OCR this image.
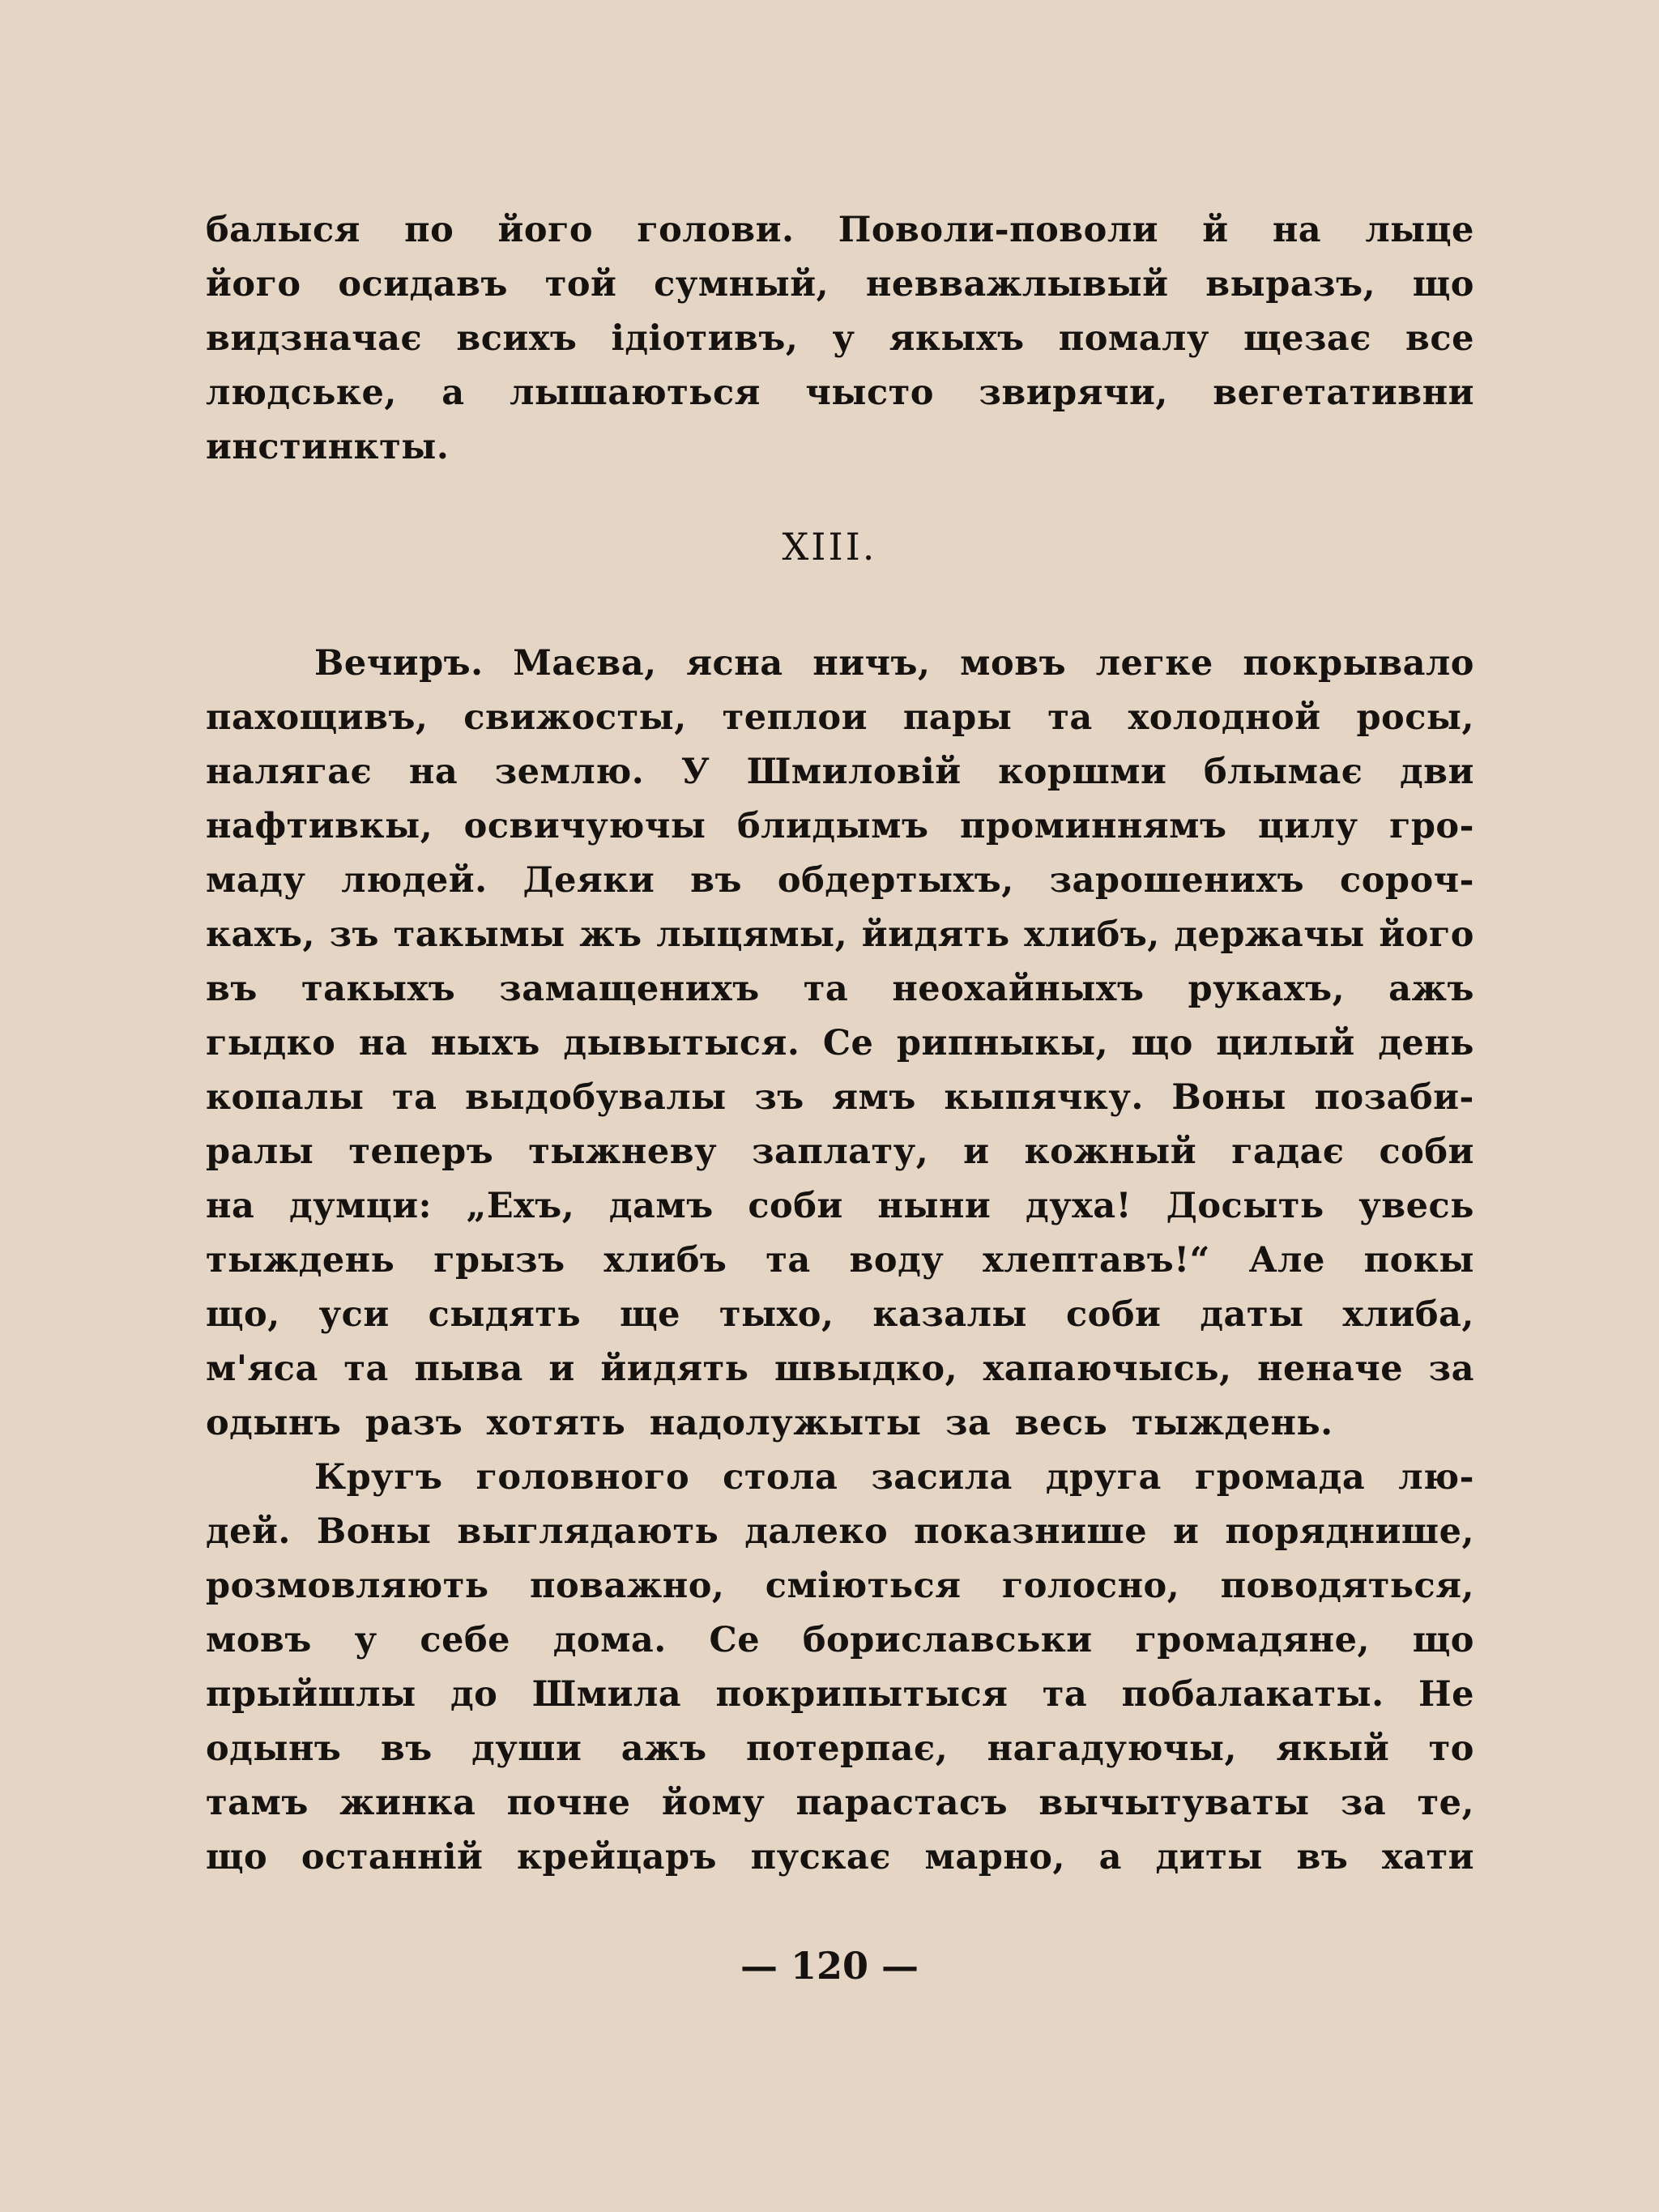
балыся по його голови. Поволи-поволи й на лыце
його осидавъ той сумный, невважлывый выразъ, що
видзначає всихъ ідіотивъ, у якыхъ помалу щезає все
людське, а лышаються чысто звирячи, вегетативни
инстинкты.
XIII.
Вечиръ. Маєва, ясна ничъ, мовъ легке покрывало
пахощивъ, свижосты, теплои пары та холодной росы,
налягає на землю. У Шмиловій коршми блымає дви
нафтивкы, освичуючы блидымъ проминнямъ цилу гро-
маду людей. Деяки въ обдертыхъ, зарошенихъ сороч-
кахъ, зъ такымы жъ лыцямы, йидять хлибъ, держачы його
въ такыхъ замащенихъ та неохайныхъ рукахъ, ажъ
гыдко на ныхъ дывытыся. Се рипныкы, що цилый день
копалы та выдобувалы зъ ямъ кыпячку. Воны позаби-
ралы теперъ тыжневу заплату, и кожный гадає соби
на думци: „Ехъ, дамъ соби ныни духа! Досыть увесь
тыждень грызъ хлибъ та воду хлептавъ!“ Але покы
що, уси сыдять ще тыхо, казалы соби даты хлиба,
м'яса та пыва и йидять швыдко, хапаючысь, неначе за
одынъ разъ хотять надолужыты за весь тыждень.
Кругъ головного стола засила друга громада лю-
дей. Воны выглядають далеко показнише и поряднише,
розмовляють поважно, сміються голосно, поводяться,
мовъ у себе дома. Се бориславськи громадяне, що
прыйшлы до Шмила покрипытыся та побалакаты. Не
одынъ въ души ажъ потерпає, нагадуючы, якый то
тамъ жинка почне йому парастасъ вычытуваты за те,
що останній крейцаръ пускає марно, а диты въ хати
— 120 —
